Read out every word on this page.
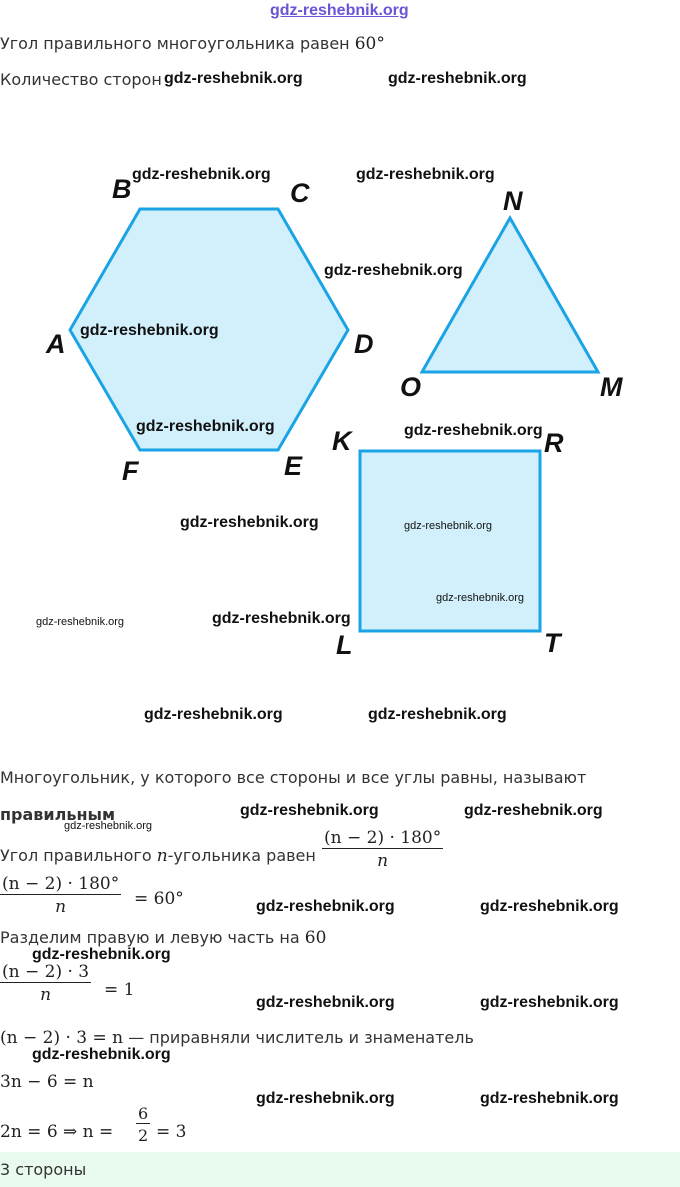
gdz-reshebnik.org
Угол правильного многоугольника равен 60°
Количество сторон
A
B	C
D
E
F
N
M
O
K	R
T
L
gdz-reshebnik.org	gdz-reshebnik.org
gdz-reshebnik.org	gdz-reshebnik.org
gdz-reshebnik.org
gdz-reshebnik.org
gdz-reshebnik.org	gdz-reshebnik.org
gdz-reshebnik.org	gdz-reshebnik.org
gdz-reshebnik.org
gdz-reshebnik.org	gdz-reshebnik.org
gdz-reshebnik.org	gdz-reshebnik.org
Многоугольник, у которого все стороны и все углы равны, называют
правильным	gdz-reshebnik.org	gdz-reshebnik.org
gdz-reshebnik.org
Угол правильного n-угольника равен $\frac{(n - 2) \cdot 180^\circ}{n}$
$\frac{(n - 2) \cdot 180^\circ}{n} = 60^\circ$	gdz-reshebnik.org	gdz-reshebnik.org
Разделим правую и левую часть на 60
gdz-reshebnik.org
$\frac{(n - 2) \cdot 3}{n} = 1$
gdz-reshebnik.org	gdz-reshebnik.org
(n − 2) · 3 = n — приравняли числитель и знаменатель
gdz-reshebnik.org
3n − 6 = n
gdz-reshebnik.org	gdz-reshebnik.org
2n = 6 ⇒ $n = \frac{6}{2} = 3$
3 стороны
